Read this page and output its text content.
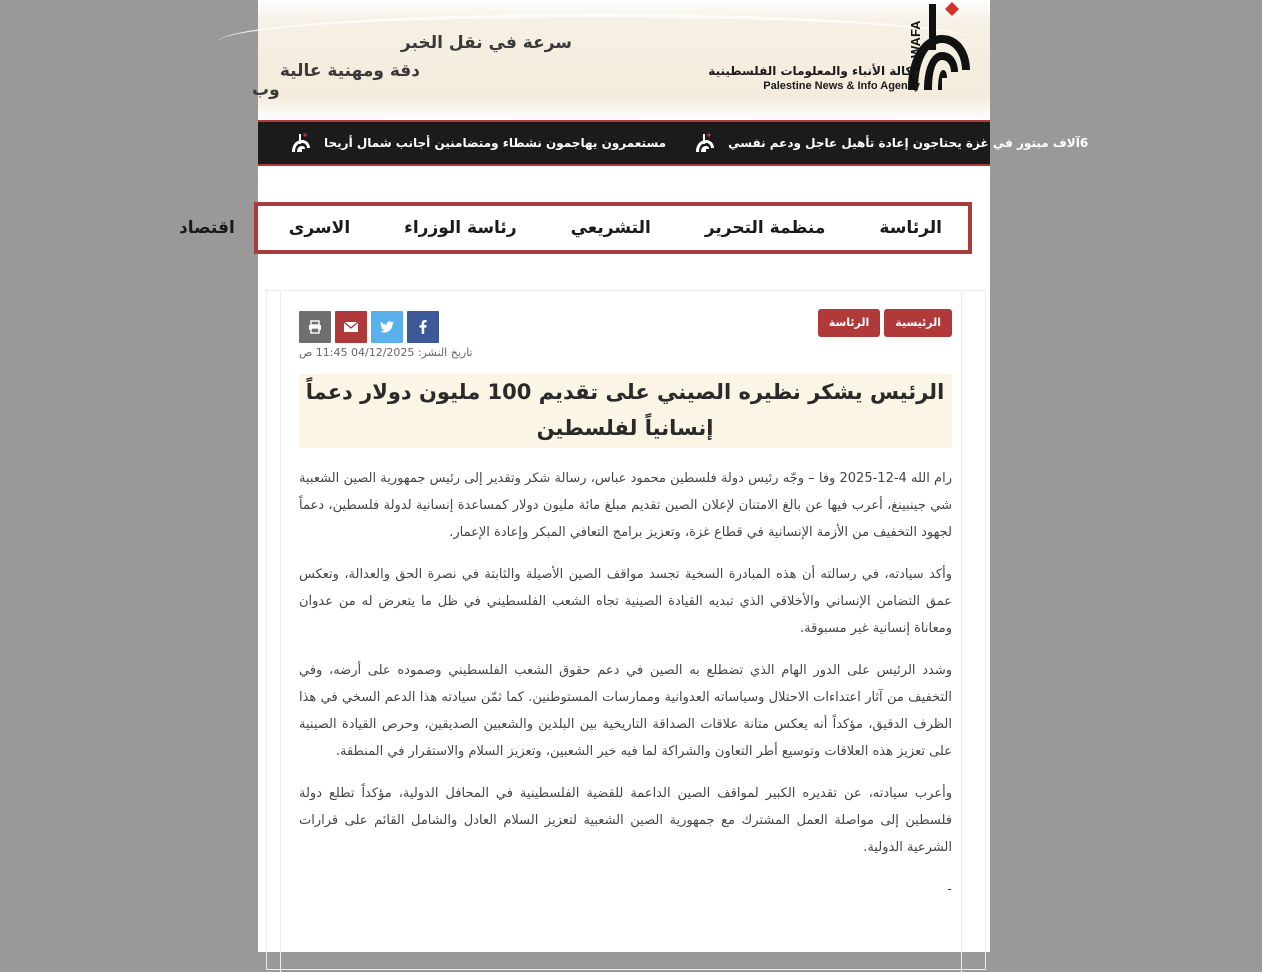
سرعة في نقل الخبر
دقة ومهنية عالية
وب
WAFA
وكالة الأنباء والمعلومات الفلسطينية
Palestine News & Info Agency
مستعمرون يهاجمون نشطاء ومتضامنين أجانب شمال أريحا	آلاف مبتور في غزة يحتاجون إعادة تأهيل عاجل ودعم نفسي 6
الرئاسة
منظمة التحرير
التشريعي
رئاسة الوزراء
الاسرى
اقتصاد
الرئيسية
الرئاسة
تاريخ النشر: 04/12/2025 11:45 ص
الرئيس يشكر نظيره الصيني على تقديم 100 مليون دولار دعماً إنسانياً لفلسطين

رام الله 4-12-2025 وفا – وجّه رئيس دولة فلسطين محمود عباس، رسالة شكر وتقدير إلى رئيس جمهورية الصين الشعبية شي جينبينغ، أعرب فيها عن بالغ الامتنان لإعلان الصين تقديم مبلغ مائة مليون دولار كمساعدة إنسانية لدولة فلسطين، دعماً لجهود التخفيف من الأزمة الإنسانية في قطاع غزة، وتعزيز برامج التعافي المبكر وإعادة الإعمار.

وأكد سيادته، في رسالته أن هذه المبادرة السخية تجسد مواقف الصين الأصيلة والثابتة في نصرة الحق والعدالة، وتعكس عمق التضامن الإنساني والأخلاقي الذي تبديه القيادة الصينية تجاه الشعب الفلسطيني في ظل ما يتعرض له من عدوان ومعاناة إنسانية غير مسبوقة.

وشدد الرئيس على الدور الهام الذي تضطلع به الصين في دعم حقوق الشعب الفلسطيني وصموده على أرضه، وفي التخفيف من آثار اعتداءات الاحتلال وسياساته العدوانية وممارسات المستوطنين. كما ثمّن سيادته هذا الدعم السخي في هذا الظرف الدقيق، مؤكداً أنه يعكس متانة علاقات الصداقة التاريخية بين البلدين والشعبين الصديقين، وحرص القيادة الصينية على تعزيز هذه العلاقات وتوسيع أطر التعاون والشراكة لما فيه خير الشعبين، وتعزيز السلام والاستقرار في المنطقة.

وأعرب سيادته، عن تقديره الكبير لمواقف الصين الداعمة للقضية الفلسطينية في المحافل الدولية، مؤكداً تطلع دولة فلسطين إلى مواصلة العمل المشترك مع جمهورية الصين الشعبية لتعزيز السلام العادل والشامل القائم على قرارات الشرعية الدولية.

-
